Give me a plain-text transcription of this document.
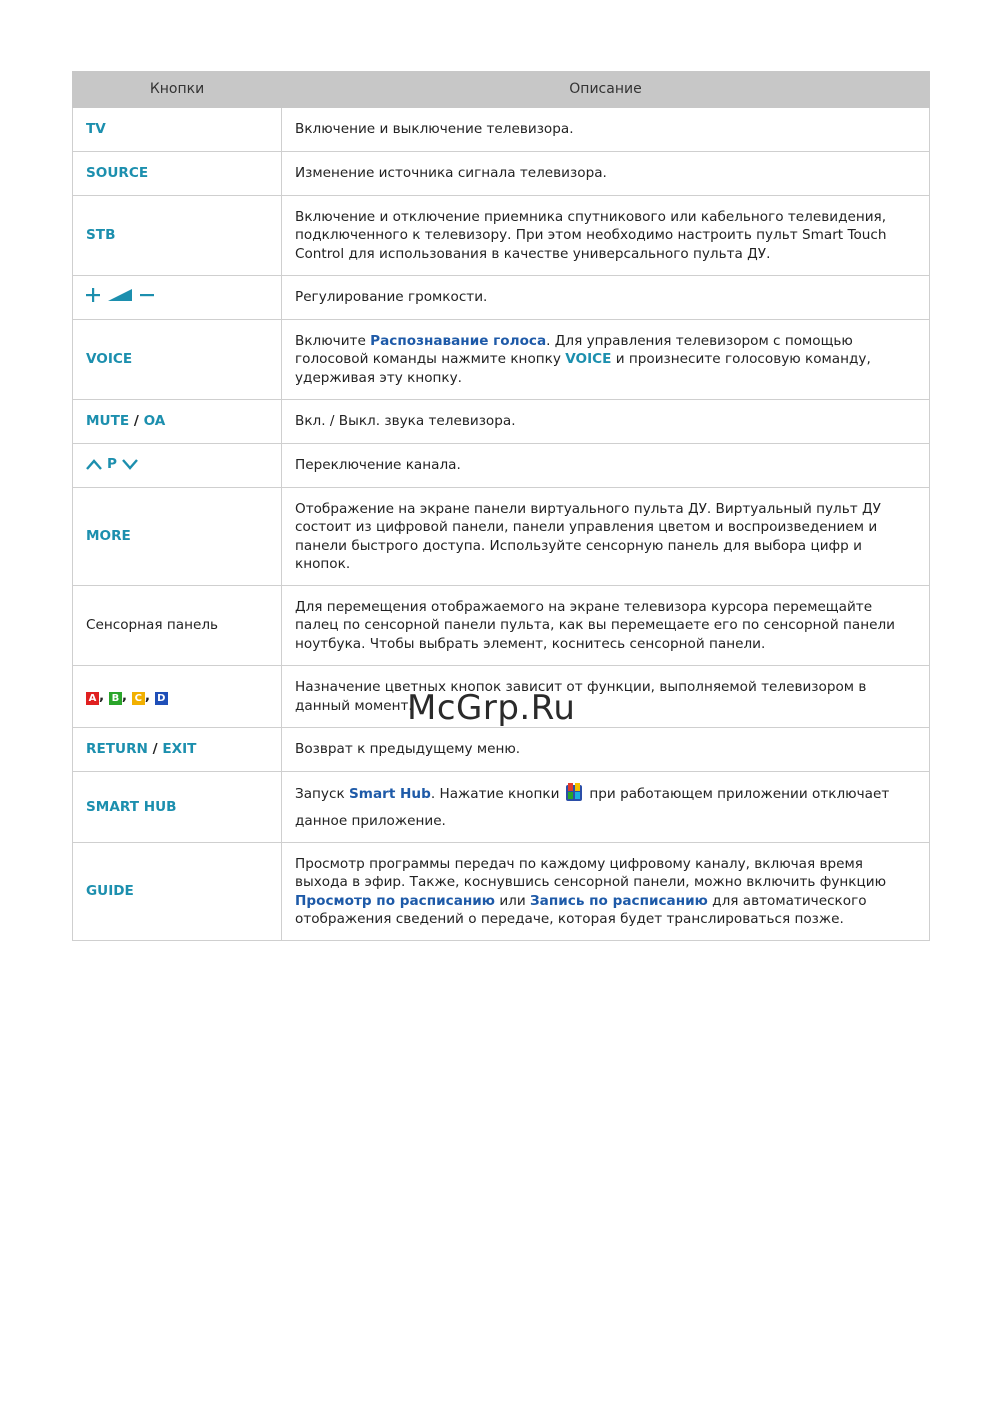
Кнопки	Описание
TV	Включение и выключение телевизора.
SOURCE	Изменение источника сигнала телевизора.
STB	Включение и отключение приемника спутникового или кабельного телевидения, подключенного к телевизору. При этом необходимо настроить пульт Smart Touch Control для использования в качестве универсального пульта ДУ.

	Регулирование громкости.
VOICE	Включите Распознавание голоса. Для управления телевизором с помощью голосовой команды нажмите кнопку VOICE и произнесите голосовую команду, удерживая эту кнопку.
MUTE / OA	Вкл. / Выкл. звука телевизора.

P	Переключение канала.
MORE	Отображение на экране панели виртуального пульта ДУ. Виртуальный пульт ДУ состоит из цифровой панели, панели управления цветом и воспроизведением и панели быстрого доступа. Используйте сенсорную панель для выбора цифр и кнопок.
Сенсорная панель	Для перемещения отображаемого на экране телевизора курсора перемещайте палец по сенсорной панели пульта, как вы перемещаете его по сенсорной панели ноутбука. Чтобы выбрать элемент, коснитесь сенсорной панели.
A , B , C , D	Назначение цветных кнопок зависит от функции, выполняемой телевизором в данный момент.
RETURN / EXIT	Возврат к предыдущему меню.
SMART HUB	Запуск Smart Hub. Нажатие кнопки при работающем приложении отключает данное приложение.
GUIDE	Просмотр программы передач по каждому цифровому каналу, включая время выхода в эфир. Также, коснувшись сенсорной панели, можно включить функцию Просмотр по расписанию или Запись по расписанию для автоматического отображения сведений о передаче, которая будет транслироваться позже.
McGrp.Ru
